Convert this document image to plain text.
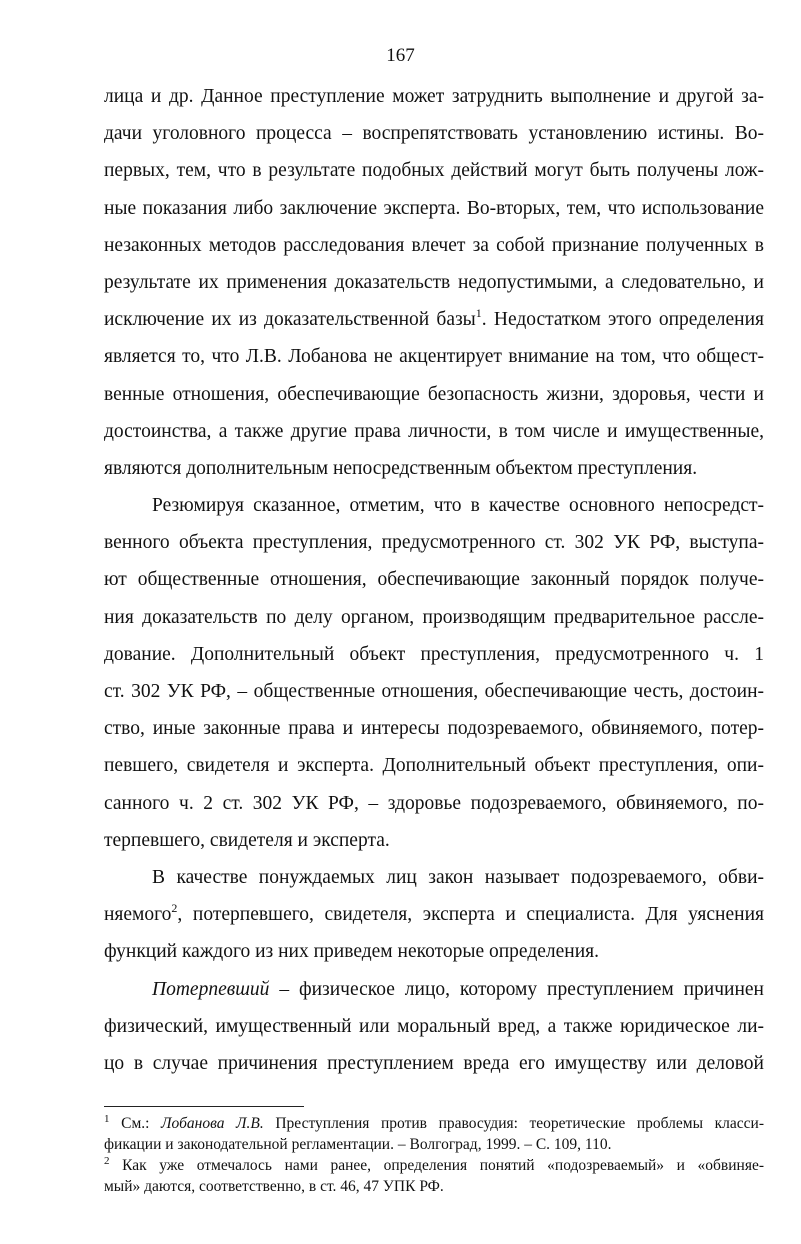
167
лица и др. Данное преступление может затруднить выполнение и другой за-
дачи уголовного процесса – воспрепятствовать установлению истины. Во-
первых, тем, что в результате подобных действий могут быть получены лож-
ные показания либо заключение эксперта. Во-вторых, тем, что использование
незаконных методов расследования влечет за собой признание полученных в
результате их применения доказательств недопустимыми, а следовательно, и
исключение их из доказательственной базы$^1$. Недостатком этого определения
является то, что Л.В. Лобанова не акцентирует внимание на том, что общест-
венные отношения, обеспечивающие безопасность жизни, здоровья, чести и
достоинства, а также другие права личности, в том числе и имущественные,
являются дополнительным непосредственным объектом преступления.
Резюмируя сказанное, отметим, что в качестве основного непосредст-
венного объекта преступления, предусмотренного ст. 302 УК РФ, выступа-
ют общественные отношения, обеспечивающие законный порядок получе-
ния доказательств по делу органом, производящим предварительное рассле-
дование. Дополнительный объект преступления, предусмотренного ч. 1
ст. 302 УК РФ, – общественные отношения, обеспечивающие честь, достоин-
ство, иные законные права и интересы подозреваемого, обвиняемого, потер-
певшего, свидетеля и эксперта. Дополнительный объект преступления, опи-
санного ч. 2 ст. 302 УК РФ, – здоровье подозреваемого, обвиняемого, по-
терпевшего, свидетеля и эксперта.
В качестве понуждаемых лиц закон называет подозреваемого, обви-
няемого$^2$, потерпевшего, свидетеля, эксперта и специалиста. Для уяснения
функций каждого из них приведем некоторые определения.
Потерпевший – физическое лицо, которому преступлением причинен
физический, имущественный или моральный вред, а также юридическое ли-
цо в случае причинения преступлением вреда его имуществу или деловой
$^1$ См.: Лобанова Л.В. Преступления против правосудия: теоретические проблемы класси-
фикации и законодательной регламентации. – Волгоград, 1999. – С. 109, 110.
$^2$ Как уже отмечалось нами ранее, определения понятий «подозреваемый» и «обвиняе-
мый» даются, соответственно, в ст. 46, 47 УПК РФ.
